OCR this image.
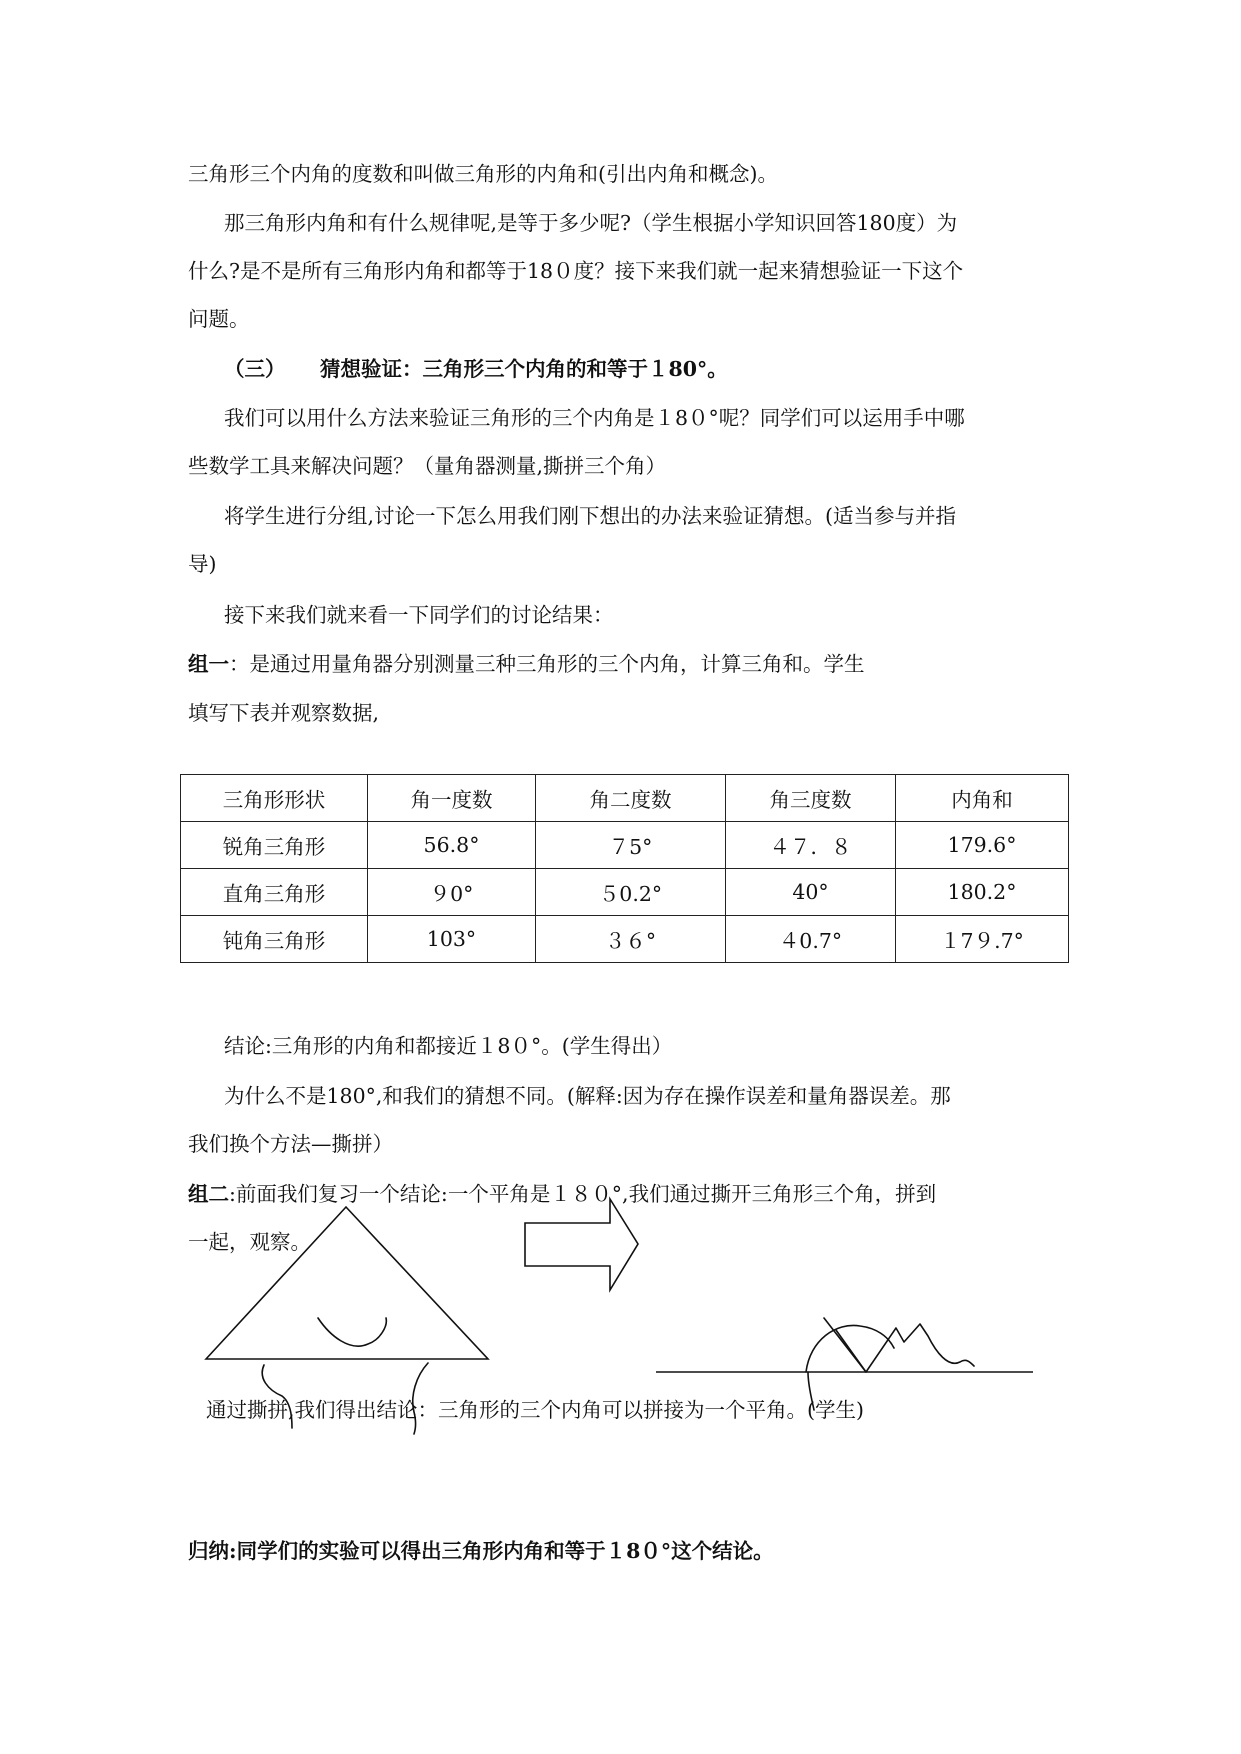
三角形三个内角的度数和叫做三角形的内角和(引出内角和概念)。
那三角形内角和有什么规律呢,是等于多少呢?（学生根据小学知识回答180度）为
什么?是不是所有三角形内角和都等于18０度？接下来我们就一起来猜想验证一下这个
问题。
（三） 猜想验证：三角形三个内角的和等于１80°。
我们可以用什么方法来验证三角形的三个内角是１8０°呢？同学们可以运用手中哪
些数学工具来解决问题？（量角器测量,撕拼三个角）
将学生进行分组,讨论一下怎么用我们刚下想出的办法来验证猜想。(适当参与并指
导)
接下来我们就来看一下同学们的讨论结果：
组一：是通过用量角器分别测量三种三角形的三个内角，计算三角和。学生
填写下表并观察数据,
三角形形状	角一度数	角二度数	角三度数	内角和
锐角三角形	56.8°	７5°	４７．８	179.6°
直角三角形	９0°	５0.2°	40°	180.2°
钝角三角形	103°	３６°	４0.7°	１7９.7°
结论:三角形的内角和都接近１8０°。(学生得出）
为什么不是180°,和我们的猜想不同。(解释:因为存在操作误差和量角器误差。那
我们换个方法—撕拼）
组二:前面我们复习一个结论:一个平角是１８０°,我们通过撕开三角形三个角，拼到
一起，观察。
通过撕拼,我们得出结论：三角形的三个内角可以拼接为一个平角。(学生)
归纳:同学们的实验可以得出三角形内角和等于１8０°这个结论。
